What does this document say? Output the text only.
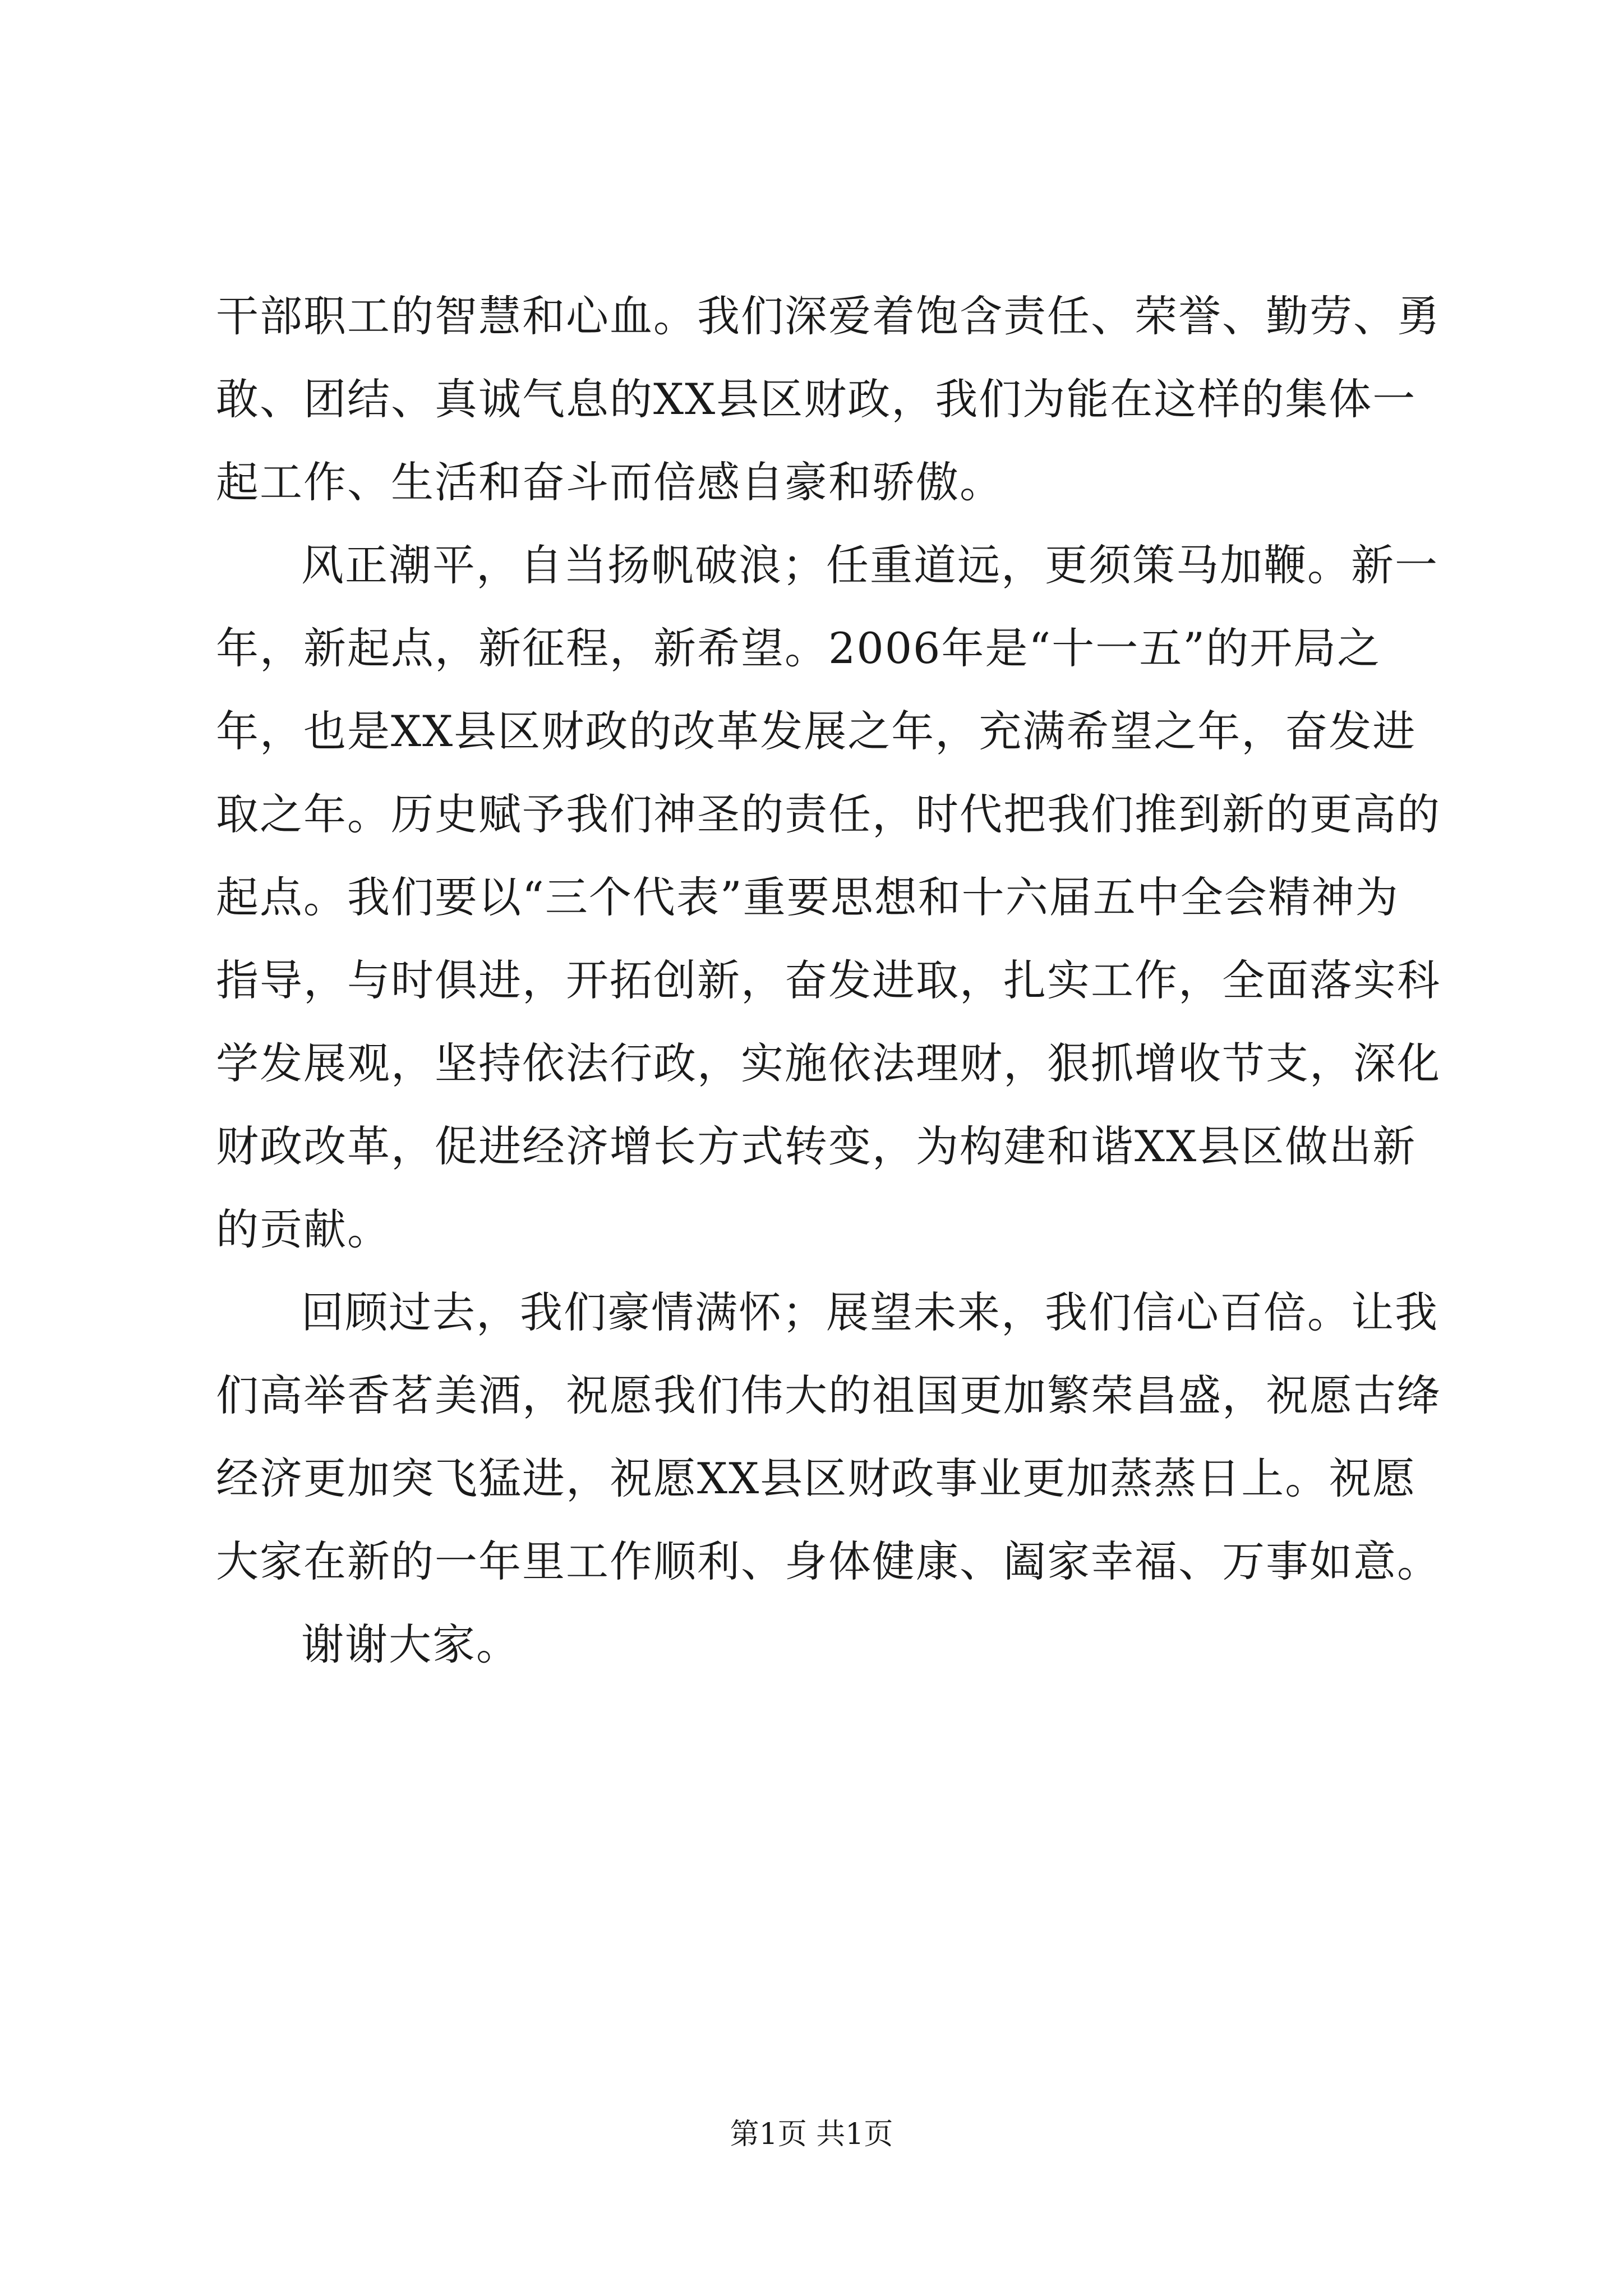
干部职工的智慧和心血。我们深爱着饱含责任、荣誉、勤劳、勇
敢、团结、真诚气息的XX县区财政，我们为能在这样的集体一
起工作、生活和奋斗而倍感自豪和骄傲。
风正潮平，自当扬帆破浪；任重道远，更须策马加鞭。新一
年，新起点，新征程，新希望。2006年是“十一五”的开局之
年，也是XX县区财政的改革发展之年，充满希望之年，奋发进
取之年。历史赋予我们神圣的责任，时代把我们推到新的更高的
起点。我们要以“三个代表”重要思想和十六届五中全会精神为
指导，与时俱进，开拓创新，奋发进取，扎实工作，全面落实科
学发展观，坚持依法行政，实施依法理财，狠抓增收节支，深化
财政改革，促进经济增长方式转变，为构建和谐XX县区做出新
的贡献。
回顾过去，我们豪情满怀；展望未来，我们信心百倍。让我
们高举香茗美酒，祝愿我们伟大的祖国更加繁荣昌盛，祝愿古绛
经济更加突飞猛进，祝愿XX县区财政事业更加蒸蒸日上。祝愿
大家在新的一年里工作顺利、身体健康、阖家幸福、万事如意。
谢谢大家。
第1页 共1页
